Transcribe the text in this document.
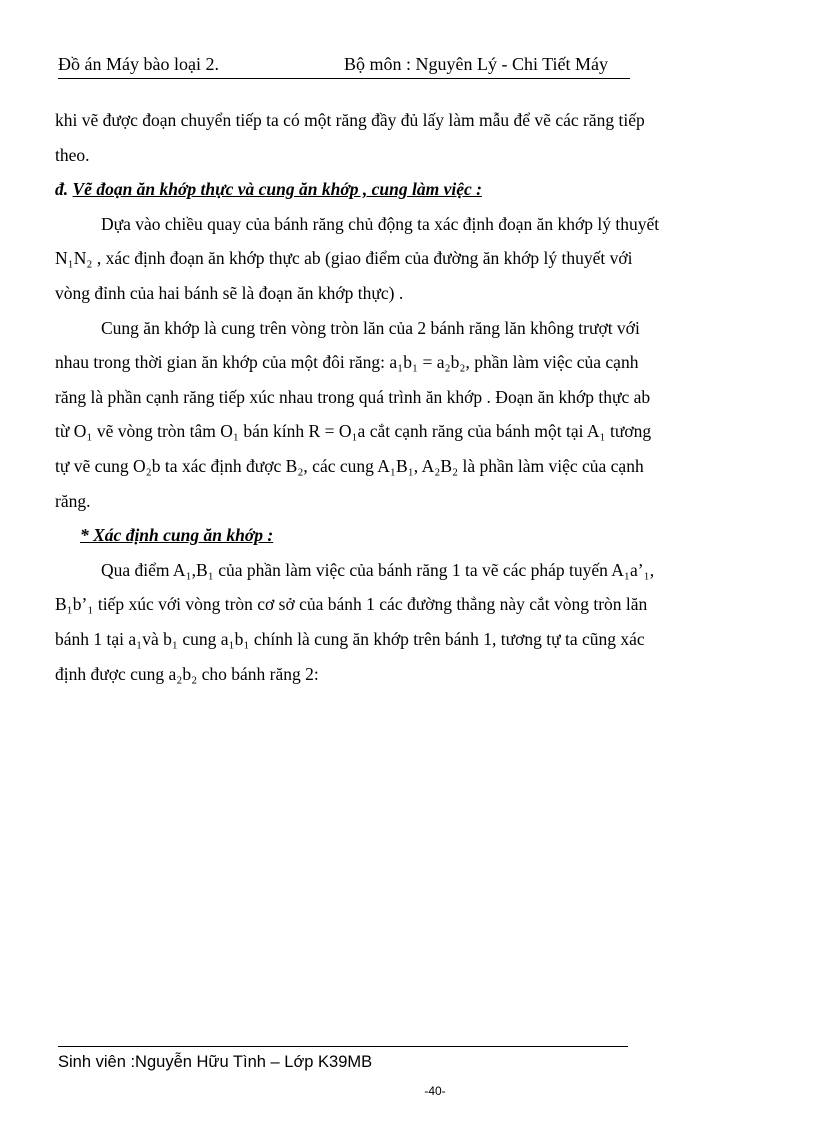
Đồ án Máy bào loại 2.	Bộ môn : Nguyên Lý - Chi Tiết Máy

khi vẽ được đoạn chuyển tiếp ta có một răng đầy đủ lấy làm mẫu để vẽ các răng tiếp

theo.

đ. Vẽ đoạn ăn khớp thực và cung ăn khớp , cung làm việc :

Dựa vào chiều quay của bánh răng chủ động ta xác định đoạn ăn khớp lý thuyết

N₁N₂ , xác định đoạn ăn khớp thực ab (giao điểm của đường ăn khớp lý thuyết với

vòng đỉnh của hai bánh sẽ là đoạn ăn khớp thực) .

Cung ăn khớp là cung trên vòng tròn lăn của 2 bánh răng lăn không trượt với

nhau trong thời gian ăn khớp của một đôi răng: a₁b₁ = a₂b₂, phần làm việc của cạnh

răng là phần cạnh răng tiếp xúc nhau trong quá trình ăn khớp . Đoạn ăn khớp thực ab

từ O₁ vẽ vòng tròn tâm O₁ bán kính R = O₁a cắt cạnh răng của bánh một tại A₁ tương

tự vẽ cung O₂b ta xác định được B₂, các cung A₁B₁, A₂B₂ là phần làm việc của cạnh

răng.

* Xác định cung ăn khớp :

Qua điểm A₁,B₁ của phần làm việc của bánh răng 1 ta vẽ các pháp tuyến A₁a’₁,

B₁b’₁ tiếp xúc với vòng tròn cơ sở của bánh 1 các đường thẳng này cắt vòng tròn lăn

bánh 1 tại a₁và b₁ cung a₁b₁ chính là cung ăn khớp trên bánh 1, tương tự ta cũng xác

định được cung a₂b₂ cho bánh răng 2:

Sinh viên :Nguyễn Hữu Tình – Lớp K39MB
-40-
